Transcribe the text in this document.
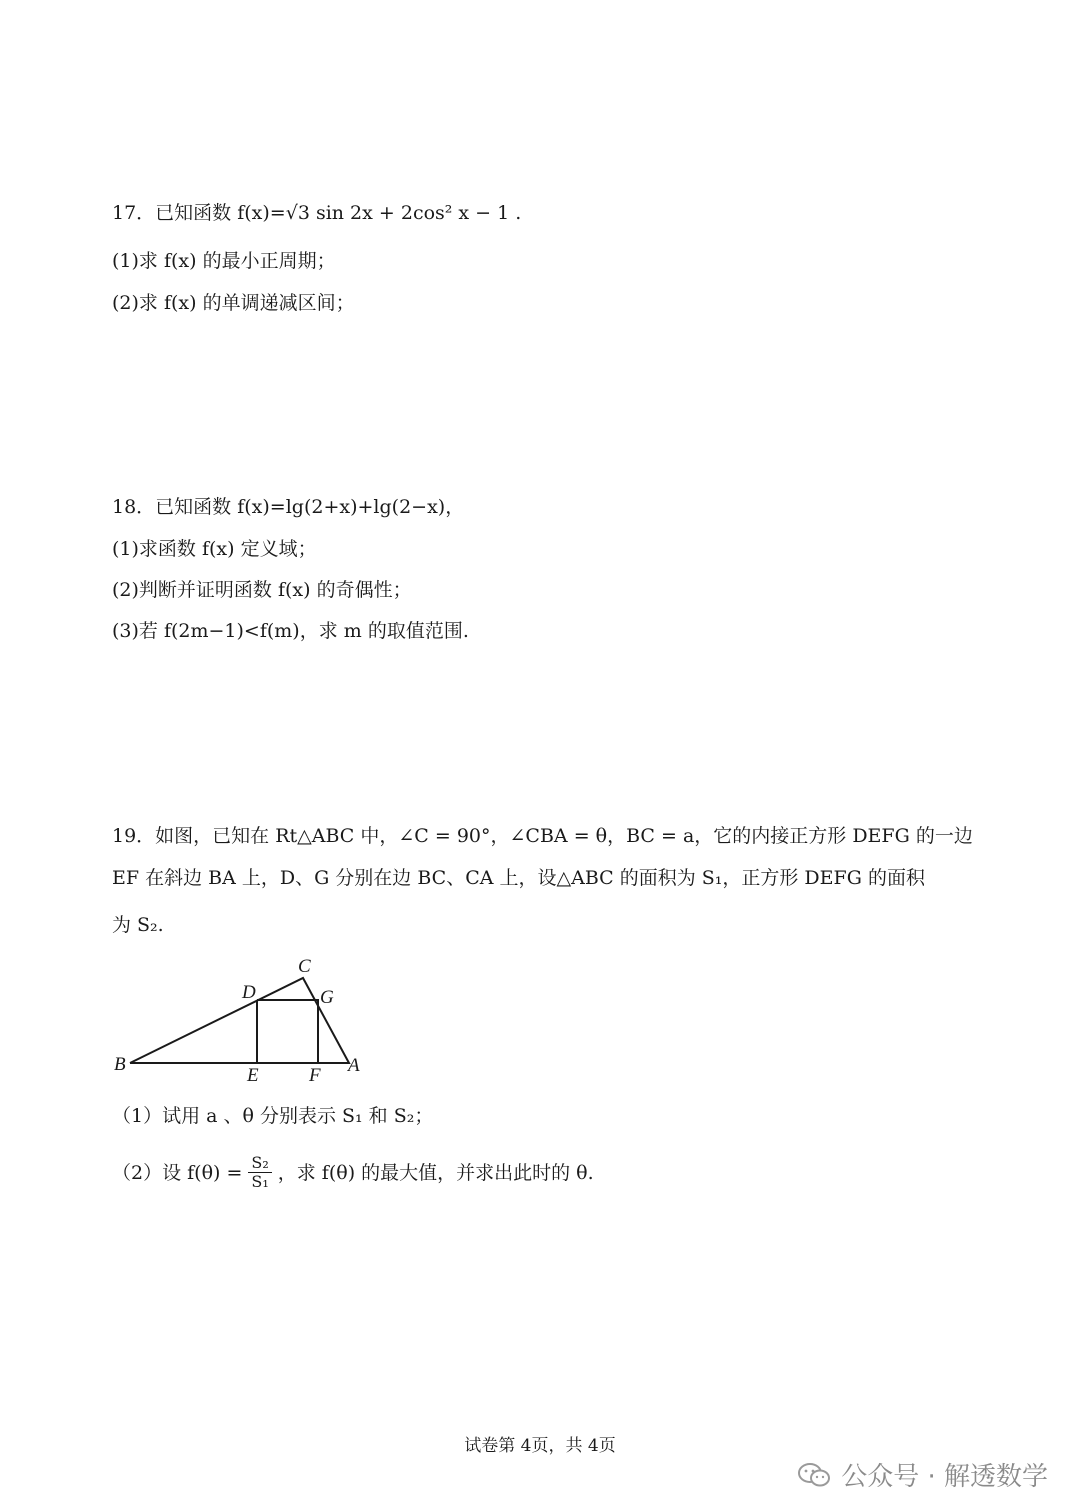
17．已知函数 f(x)=√3 sin 2x + 2cos² x − 1 .
(1)求 f(x) 的最小正周期；
(2)求 f(x) 的单调递减区间；
18．已知函数 f(x)=lg(2+x)+lg(2−x)，
(1)求函数 f(x) 定义域；
(2)判断并证明函数 f(x) 的奇偶性；
(3)若 f(2m−1)<f(m)，求 m 的取值范围.
19．如图，已知在 Rt△ABC 中，∠C = 90°，∠CBA = θ，BC = a，它的内接正方形 DEFG 的一边
EF 在斜边 BA 上，D、G 分别在边 BC、CA 上，设△ABC 的面积为 S₁，正方形 DEFG 的面积
为 S₂.
B
C
D	G
E	F A
（1）试用 a 、θ 分别表示 S₁ 和 S₂；
（2）设 $f(\theta) = \frac{\text{S₂}}{\text{S₁}}$ ，求 f(θ) 的最大值，并求出此时的 θ.
试卷第 4页，共 4页
公众号 · 解透数学
